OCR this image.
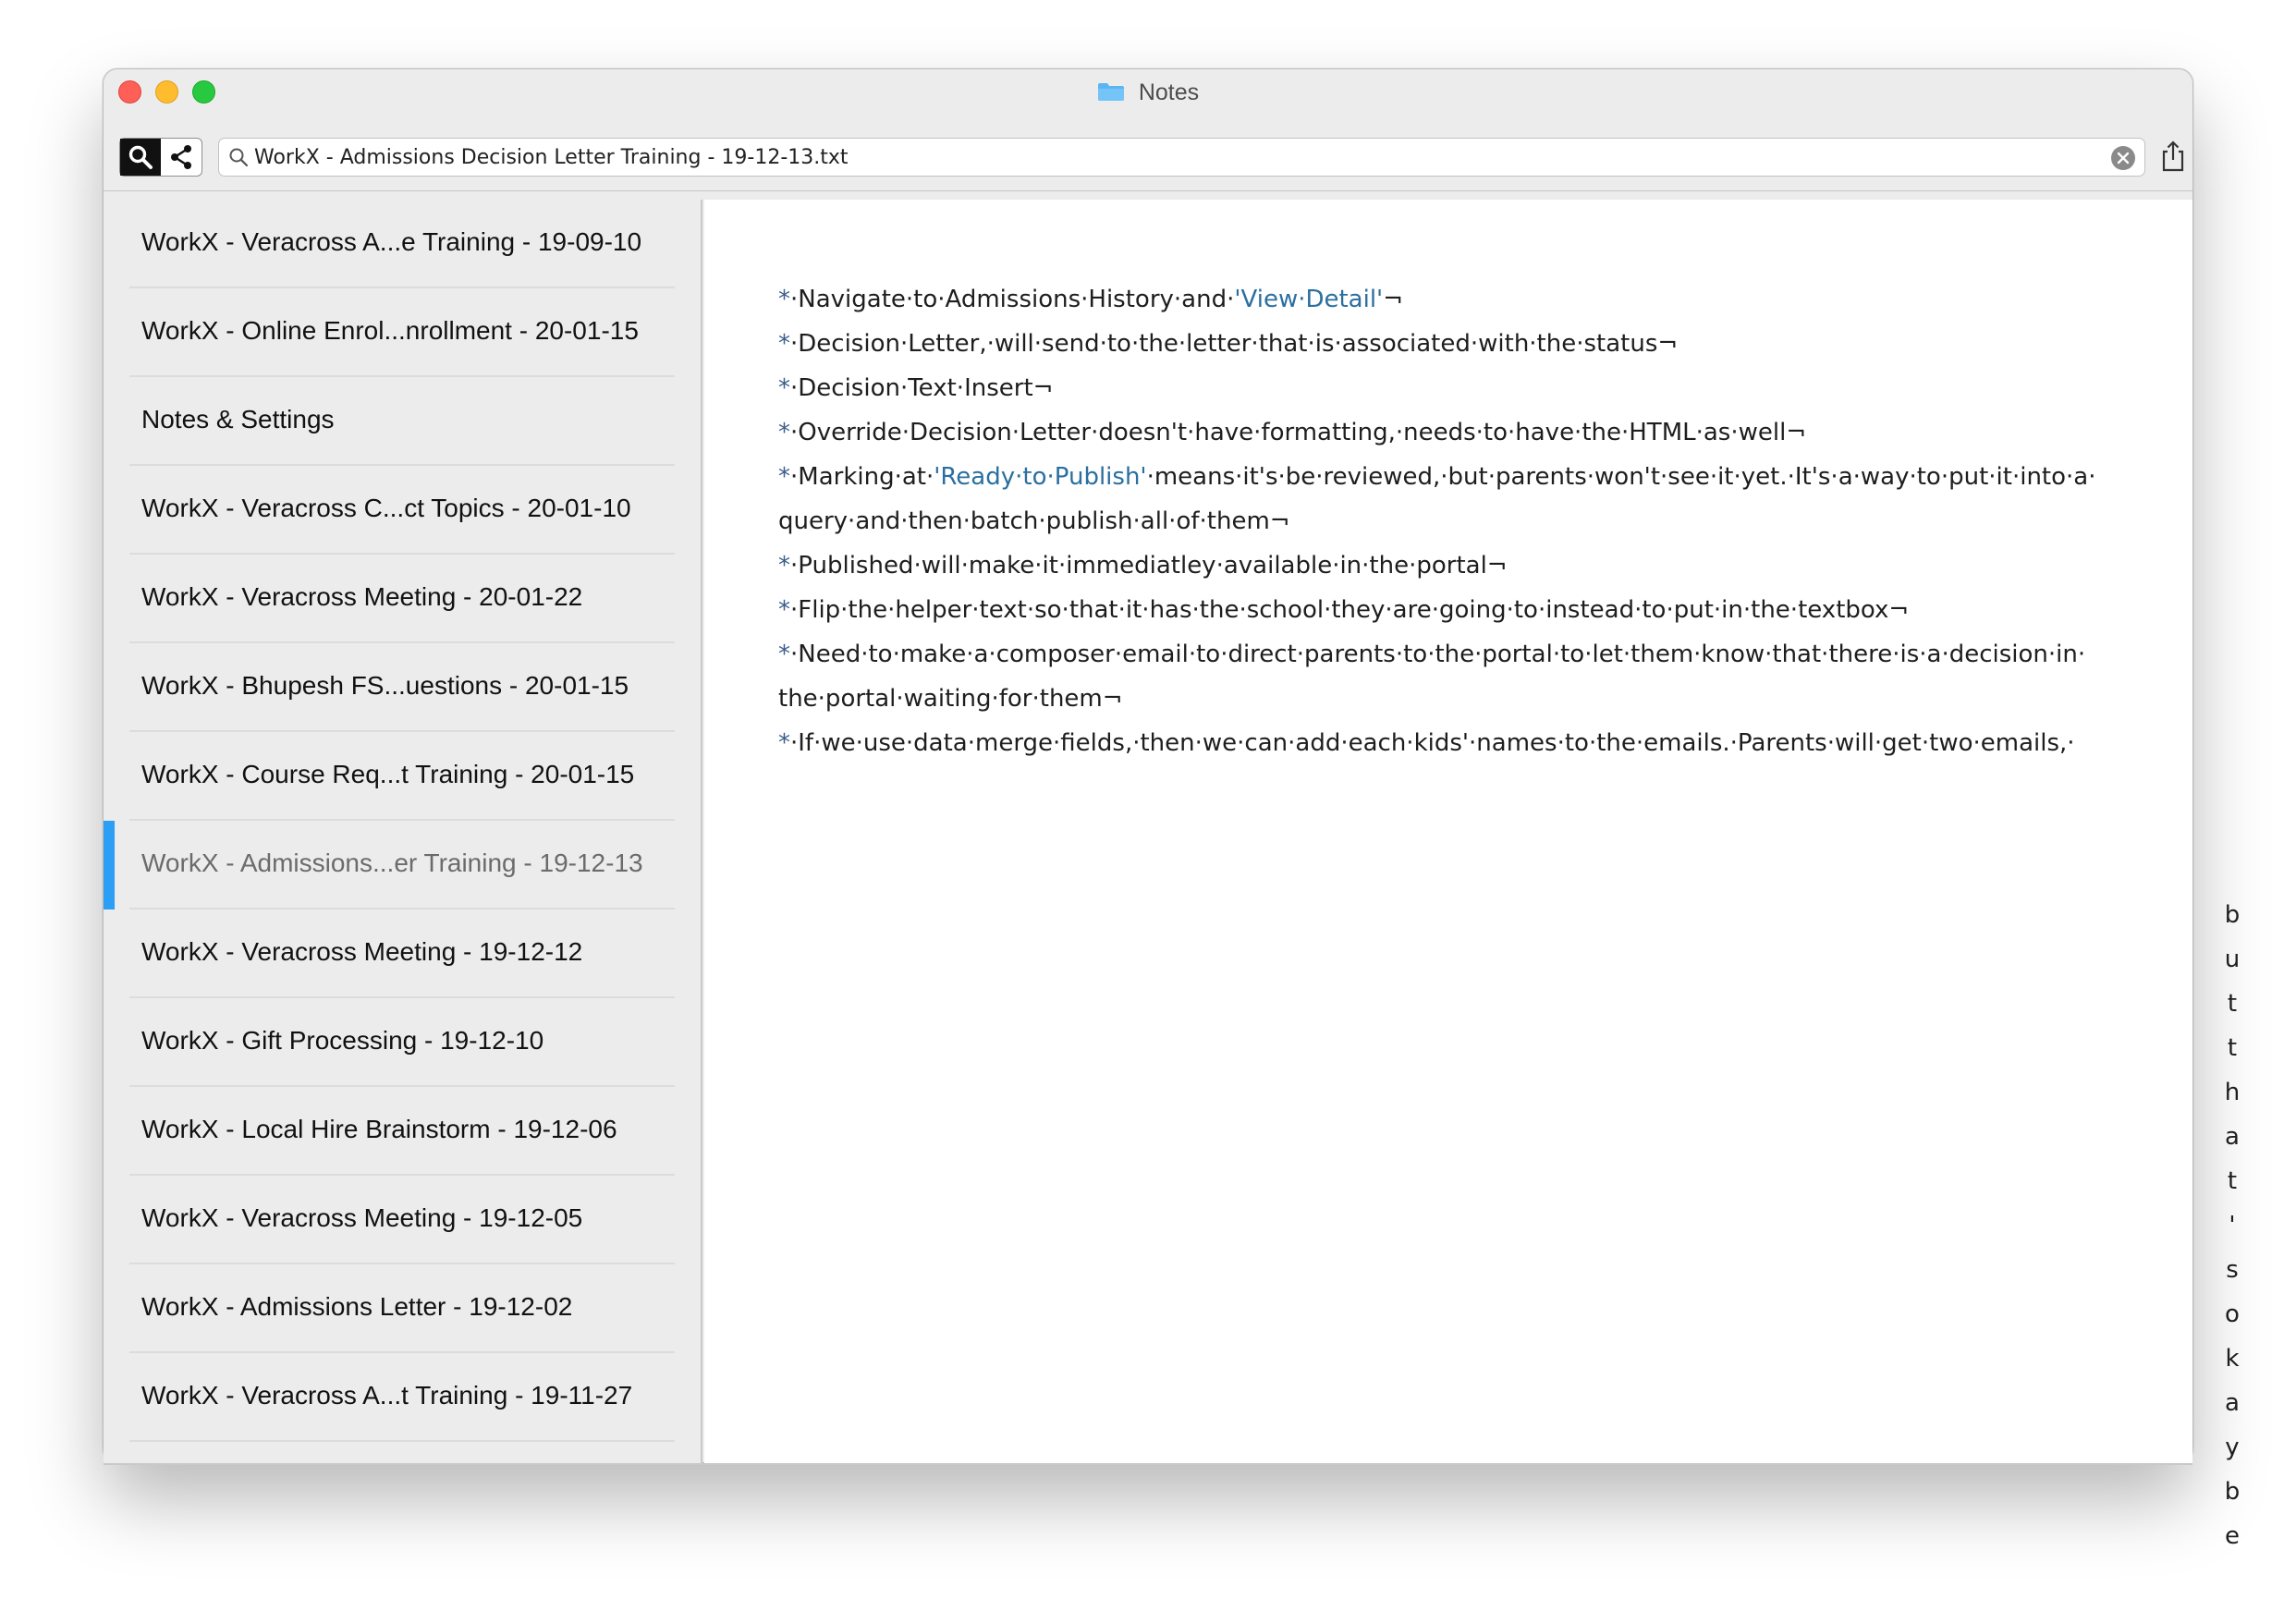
Notes
WorkX - Admissions Decision Letter Training - 19-12-13.txt
WorkX - Veracross A...e Training - 19-09-10
WorkX - Online Enrol...nrollment - 20-01-15
Notes & Settings
WorkX - Veracross C...ct Topics - 20-01-10
WorkX - Veracross Meeting - 20-01-22
WorkX - Bhupesh FS...uestions - 20-01-15
WorkX - Course Req...t Training - 20-01-15
WorkX - Admissions...er Training - 19-12-13
WorkX - Veracross Meeting - 19-12-12
WorkX - Gift Processing - 19-12-10
WorkX - Local Hire Brainstorm - 19-12-06
WorkX - Veracross Meeting - 19-12-05
WorkX - Admissions Letter - 19-12-02
WorkX - Veracross A...t Training - 19-11-27
*·Navigate·to·Admissions·History·and·'View·Detail'¬
*·Decision·Letter,·will·send·to·the·letter·that·is·associated·with·the·status¬
*·Decision·Text·Insert¬
*·Override·Decision·Letter·doesn't·have·formatting,·needs·to·have·the·HTML·as·well¬
*·Marking·at·'Ready·to·Publish'·means·it's·be·reviewed,·but·parents·won't·see·it·yet.·It's·a·way·to·put·it·into·a·
query·and·then·batch·publish·all·of·them¬
*·Published·will·make·it·immediatley·available·in·the·portal¬
*·Flip·the·helper·text·so·that·it·has·the·school·they·are·going·to·instead·to·put·in·the·textbox¬
*·Need·to·make·a·composer·email·to·direct·parents·to·the·portal·to·let·them·know·that·there·is·a·decision·in·
the·portal·waiting·for·them¬
*·If·we·use·data·merge·fields,·then·we·can·add·each·kids'·names·to·the·emails.·Parents·will·get·two·emails,·
b
u
t
t
h
a
t
'
s
o
k
a
y
b
e
